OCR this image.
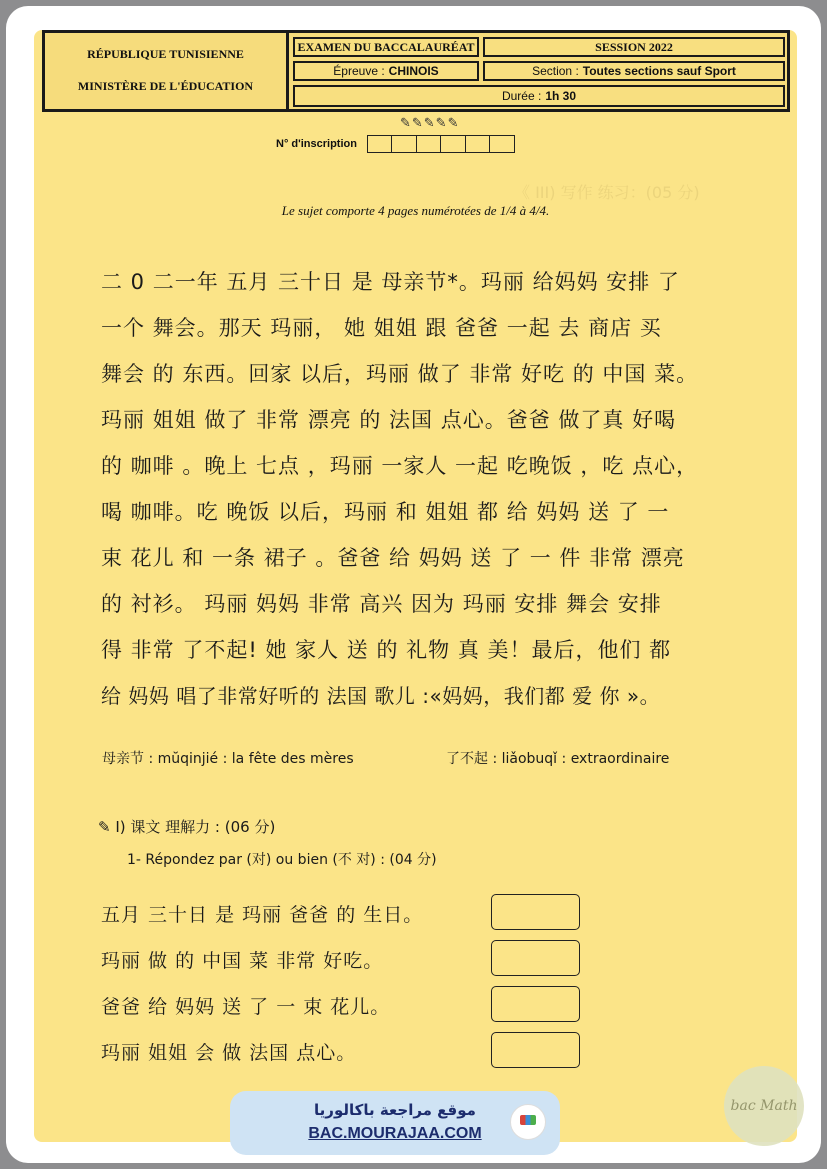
《 III) 写作 练习：(05 分)
RÉPUBLIQUE TUNISIENNE
MINISTÈRE DE L'ÉDUCATION
EXAMEN DU BACCALAURÉAT	SESSION 2022
Épreuve : CHINOIS	Section : Toutes sections sauf Sport
Durée : 1h 30
✎✎✎✎✎
N° d'inscription
Le sujet comporte 4 pages numérotées de 1/4 à 4/4.
二 0 二一年 五月 三十日 是 母亲节*。玛丽 给妈妈 安排 了
一个 舞会。那天 玛丽， 她 姐姐 跟 爸爸 一起 去 商店 买
舞会 的 东西。回家 以后，玛丽 做了 非常 好吃 的 中国 菜。
玛丽 姐姐 做了 非常 漂亮 的 法国 点心。爸爸 做了真 好喝
的 咖啡 。晚上 七点 ，玛丽 一家人 一起 吃晚饭 ，吃 点心，
喝 咖啡。吃 晚饭 以后，玛丽 和 姐姐 都 给 妈妈 送 了 一
束 花儿 和 一条 裙子 。爸爸 给 妈妈 送 了 一 件 非常 漂亮
的 衬衫。 玛丽 妈妈 非常 高兴 因为 玛丽 安排 舞会 安排
得 非常 了不起! 她 家人 送 的 礼物 真 美！最后，他们 都
给 妈妈 唱了非常好听的 法国 歌儿 :«妈妈，我们都 爱 你 »。
母亲节 : mŭqinjié : la fête des mères	了不起 : liǎobuqǐ : extraordinaire
✎ I) 课文 理解力 : (06 分)
1- Répondez par (对) ou bien (不 对) : (04 分)
五月 三十日 是 玛丽 爸爸 的 生日。
玛丽 做 的 中国 菜 非常 好吃。
爸爸 给 妈妈 送 了 一 束 花儿。
玛丽 姐姐 会 做 法国 点心。
موقع مراجعة باكالوريا
BAC.MOURAJAA.COM
bac Math
